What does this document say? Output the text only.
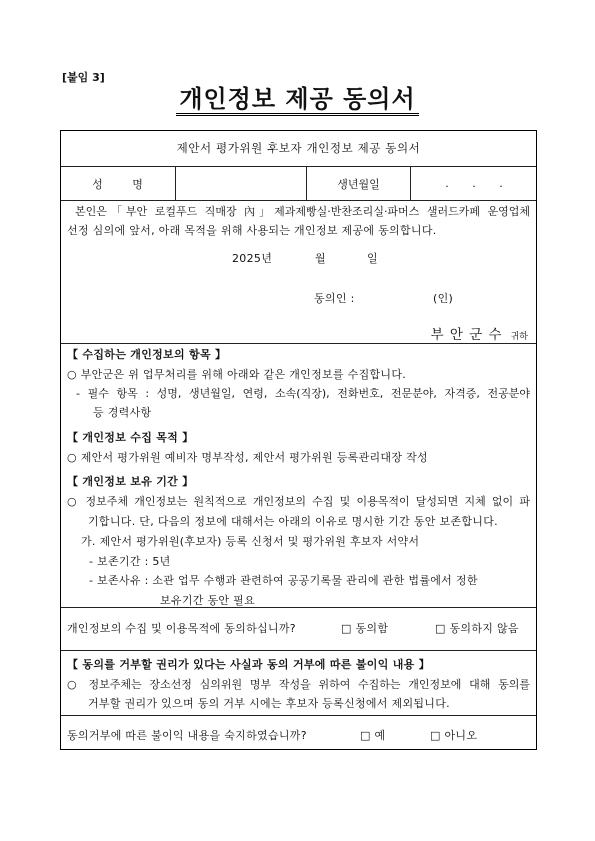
[붙임 3]
개인정보 제공 동의서
제안서 평가위원 후보자 개인정보 제공 동의서
성 명	생년월일	. . .
본인은「부안 로컬푸드 직매장 內」제과제빵실·반찬조리실·파머스 샐러드카페 운영업체
선정 심의에 앞서, 아래 목적을 위해 사용되는 개인정보 제공에 동의합니다.
2025년	월	일
동의인 :	(인)
부 안 군 수 귀하
【 수집하는 개인정보의 항목 】
○ 부안군은 위 업무처리를 위해 아래와 같은 개인정보를 수집합니다.
- 필수 항목 : 성명, 생년월일, 연령, 소속(직장), 전화번호, 전문분야, 자격증, 전공분야
등 경력사항
【 개인정보 수집 목적 】
○ 제안서 평가위원 예비자 명부작성, 제안서 평가위원 등록관리대장 작성
【 개인정보 보유 기간 】
○ 정보주체 개인정보는 원칙적으로 개인정보의 수집 및 이용목적이 달성되면 지체 없이 파
기합니다. 단, 다음의 정보에 대해서는 아래의 이유로 명시한 기간 동안 보존합니다.
가. 제안서 평가위원(후보자) 등록 신청서 및 평가위원 후보자 서약서
- 보존기간 : 5년
- 보존사유 : 소관 업무 수행과 관련하여 공공기록물 관리에 관한 법률에서 정한
보유기간 동안 필요
개인정보의 수집 및 이용목적에 동의하십니까?	□ 동의함	□ 동의하지 않음
【 동의를 거부할 권리가 있다는 사실과 동의 거부에 따른 불이익 내용 】
○ 정보주체는 장소선정 심의위원 명부 작성을 위하여 수집하는 개인정보에 대해 동의를
거부할 권리가 있으며 동의 거부 시에는 후보자 등록신청에서 제외됩니다.
동의거부에 따른 불이익 내용을 숙지하였습니까?	□ 예	□ 아니오
